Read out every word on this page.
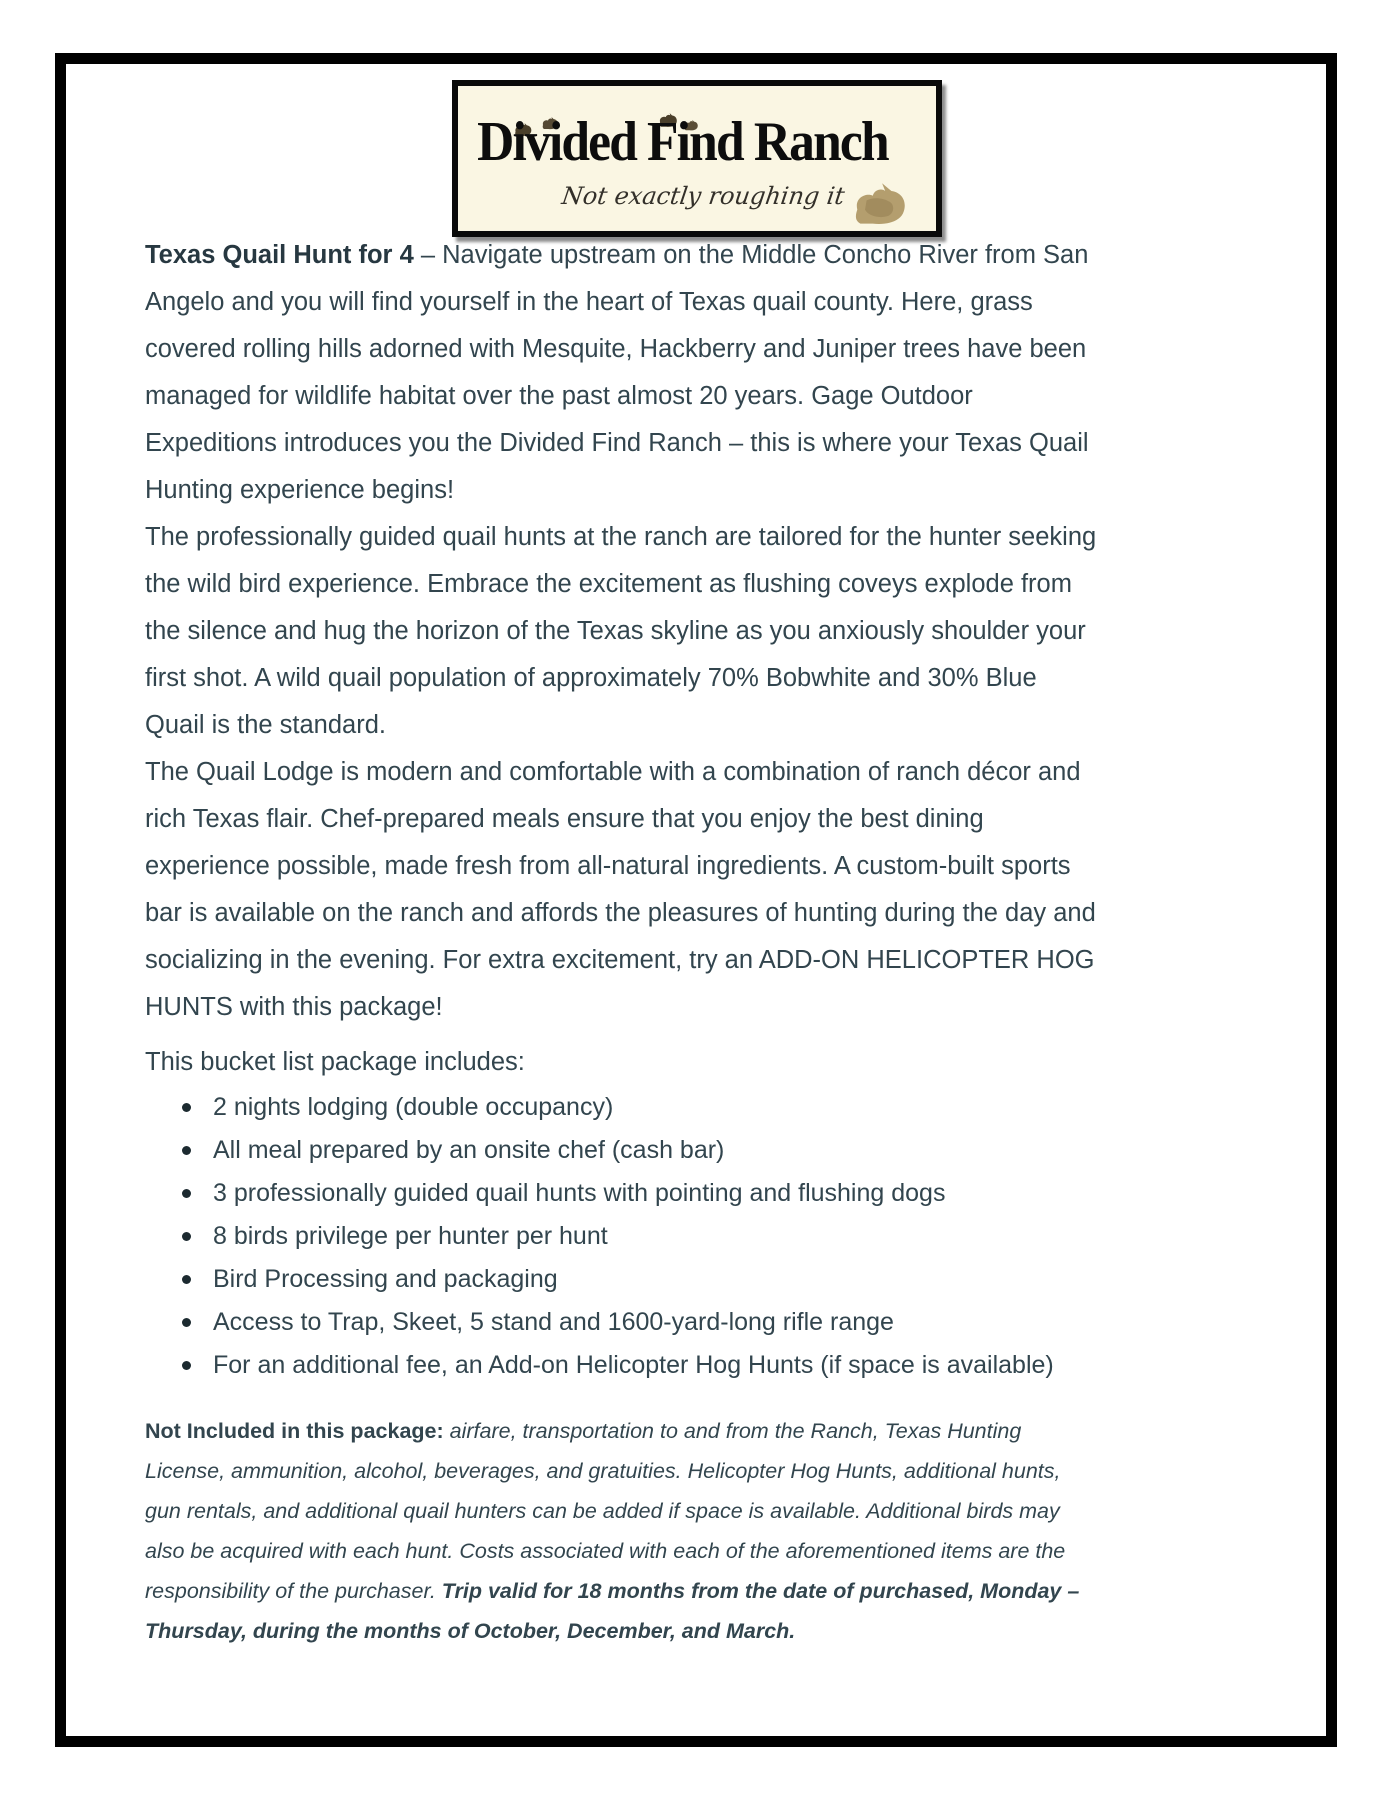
Divided Find Ranch
Not exactly roughing it

Texas Quail Hunt for 4 – Navigate upstream on the Middle Concho River from San Angelo and you will find yourself in the heart of Texas quail county. Here, grass covered rolling hills adorned with Mesquite, Hackberry and Juniper trees have been managed for wildlife habitat over the past almost 20 years. Gage Outdoor Expeditions introduces you the Divided Find Ranch – this is where your Texas Quail Hunting experience begins!

The professionally guided quail hunts at the ranch are tailored for the hunter seeking the wild bird experience. Embrace the excitement as flushing coveys explode from the silence and hug the horizon of the Texas skyline as you anxiously shoulder your first shot. A wild quail population of approximately 70% Bobwhite and 30% Blue Quail is the standard.

The Quail Lodge is modern and comfortable with a combination of ranch décor and rich Texas flair. Chef-prepared meals ensure that you enjoy the best dining experience possible, made fresh from all-natural ingredients. A custom-built sports bar is available on the ranch and affords the pleasures of hunting during the day and socializing in the evening. For extra excitement, try an ADD-ON HELICOPTER HOG HUNTS with this package!

This bucket list package includes:

2 nights lodging (double occupancy)
All meal prepared by an onsite chef (cash bar)
3 professionally guided quail hunts with pointing and flushing dogs
8 birds privilege per hunter per hunt
Bird Processing and packaging
Access to Trap, Skeet, 5 stand and 1600-yard-long rifle range
For an additional fee, an Add-on Helicopter Hog Hunts (if space is available)

Not Included in this package: airfare, transportation to and from the Ranch, Texas Hunting License, ammunition, alcohol, beverages, and gratuities. Helicopter Hog Hunts, additional hunts, gun rentals, and additional quail hunters can be added if space is available. Additional birds may also be acquired with each hunt. Costs associated with each of the aforementioned items are the responsibility of the purchaser. Trip valid for 18 months from the date of purchased, Monday – Thursday, during the months of October, December, and March.
